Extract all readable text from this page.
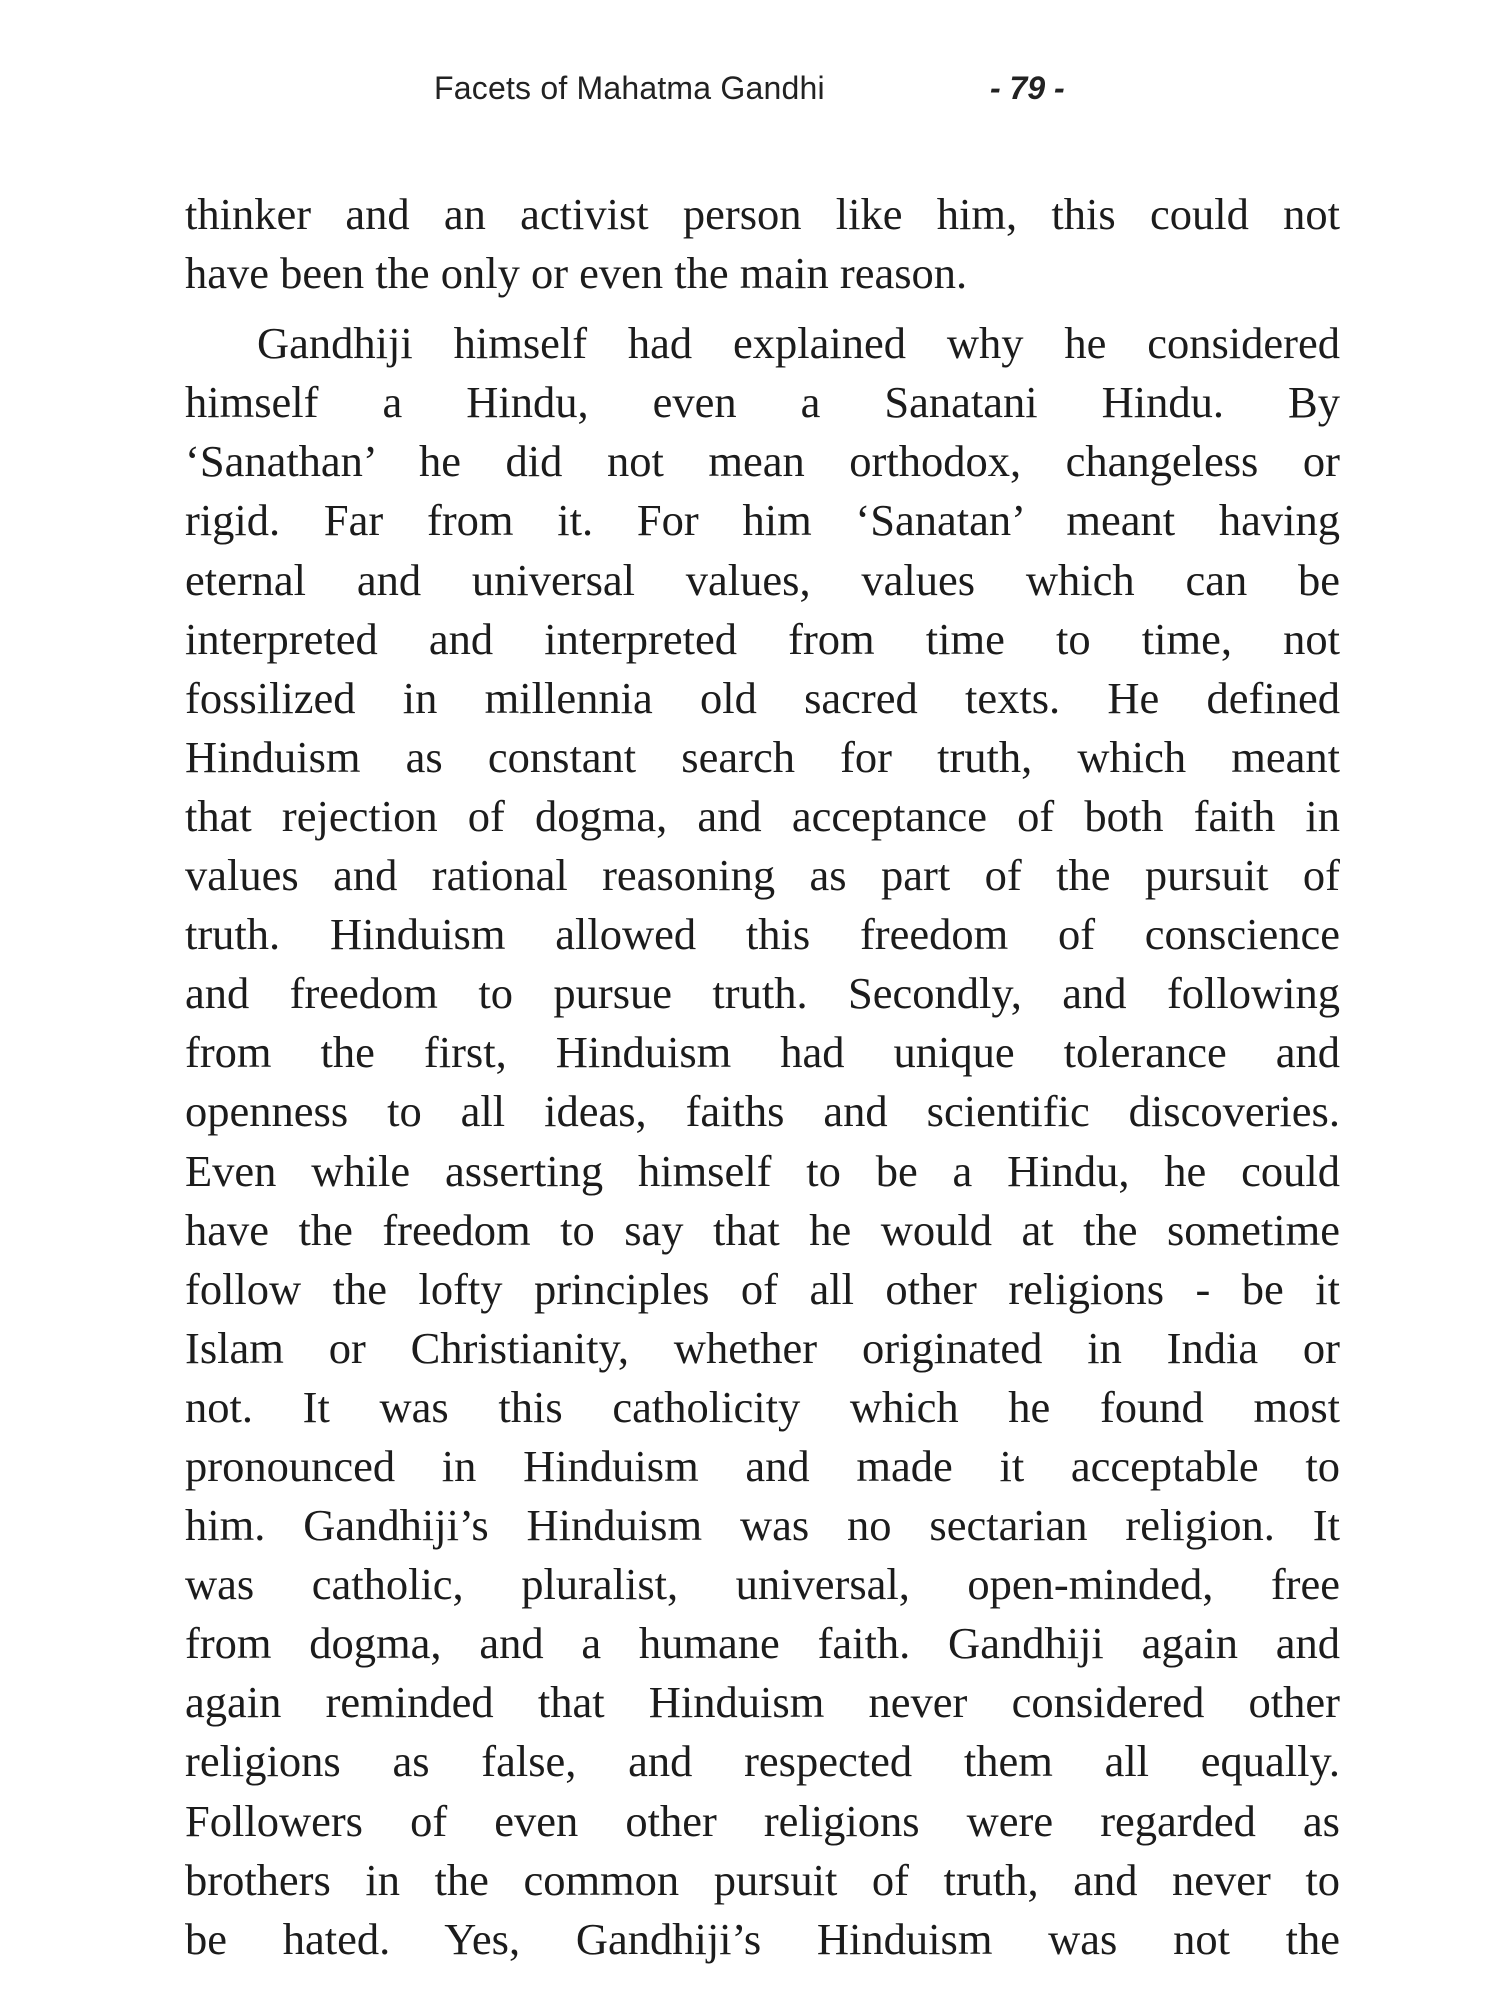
Facets of Mahatma Gandhi	- 79 -
thinker and an activist person like him, this could not
have been the only or even the main reason.
Gandhiji himself had explained why he considered
himself a Hindu, even a Sanatani Hindu. By
‘Sanathan’ he did not mean orthodox, changeless or
rigid. Far from it. For him ‘Sanatan’ meant having
eternal and universal values, values which can be
interpreted and interpreted from time to time, not
fossilized in millennia old sacred texts. He defined
Hinduism as constant search for truth, which meant
that rejection of dogma, and acceptance of both faith in
values and rational reasoning as part of the pursuit of
truth. Hinduism allowed this freedom of conscience
and freedom to pursue truth. Secondly, and following
from the first, Hinduism had unique tolerance and
openness to all ideas, faiths and scientific discoveries.
Even while asserting himself to be a Hindu, he could
have the freedom to say that he would at the sometime
follow the lofty principles of all other religions - be it
Islam or Christianity, whether originated in India or
not. It was this catholicity which he found most
pronounced in Hinduism and made it acceptable to
him. Gandhiji’s Hinduism was no sectarian religion. It
was catholic, pluralist, universal, open-minded, free
from dogma, and a humane faith. Gandhiji again and
again reminded that Hinduism never considered other
religions as false, and respected them all equally.
Followers of even other religions were regarded as
brothers in the common pursuit of truth, and never to
be hated. Yes, Gandhiji’s Hinduism was not the
